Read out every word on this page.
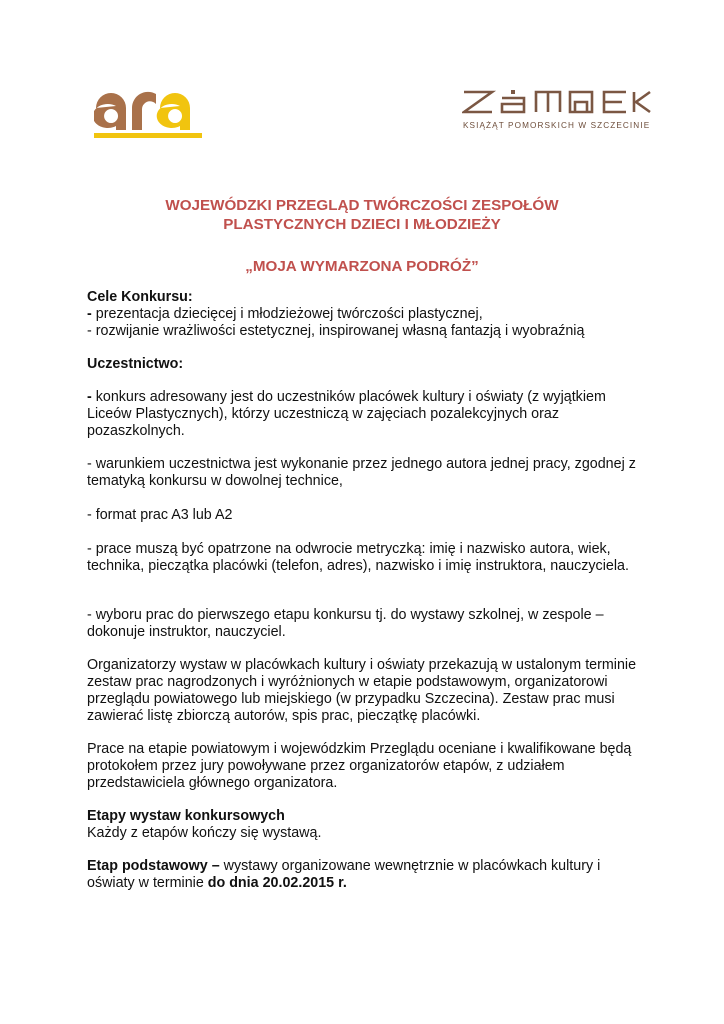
KSIĄŻĄT POMORSKICH W SZCZECINIE
WOJEWÓDZKI PRZEGLĄD TWÓRCZOŚCI ZESPOŁÓW
PLASTYCZNYCH DZIECI I MŁODZIEŻY
„MOJA WYMARZONA PODRÓŻ”

Cele Konkursu:

- prezentacja dziecięcej i młodzieżowej twórczości plastycznej,

- rozwijanie wrażliwości estetycznej, inspirowanej własną fantazją i wyobraźnią

Uczestnictwo:

- konkurs adresowany jest do uczestników placówek kultury i oświaty (z wyjątkiem Liceów Plastycznych), którzy uczestniczą w zajęciach pozalekcyjnych oraz pozaszkolnych.

- warunkiem uczestnictwa jest wykonanie przez jednego autora jednej pracy, zgodnej z tematyką konkursu w dowolnej technice,

- format prac A3 lub A2

- prace muszą być opatrzone na odwrocie metryczką: imię i nazwisko autora, wiek, technika, pieczątka placówki (telefon, adres), nazwisko i imię instruktora, nauczyciela.

- wyboru prac do pierwszego etapu konkursu tj. do wystawy szkolnej, w zespole – dokonuje instruktor, nauczyciel.

Organizatorzy wystaw w placówkach kultury i oświaty przekazują w ustalonym terminie zestaw prac nagrodzonych i wyróżnionych w etapie podstawowym, organizatorowi przeglądu powiatowego lub miejskiego (w przypadku Szczecina). Zestaw prac musi zawierać listę zbiorczą autorów, spis prac, pieczątkę placówki.

Prace na etapie powiatowym i wojewódzkim Przeglądu oceniane i kwalifikowane będą protokołem przez jury powoływane przez organizatorów etapów, z udziałem przedstawiciela głównego organizatora.

Etapy wystaw konkursowych

Każdy z etapów kończy się wystawą.

Etap podstawowy – wystawy organizowane wewnętrznie w placówkach kultury i oświaty w terminie do dnia 20.02.2015 r.
